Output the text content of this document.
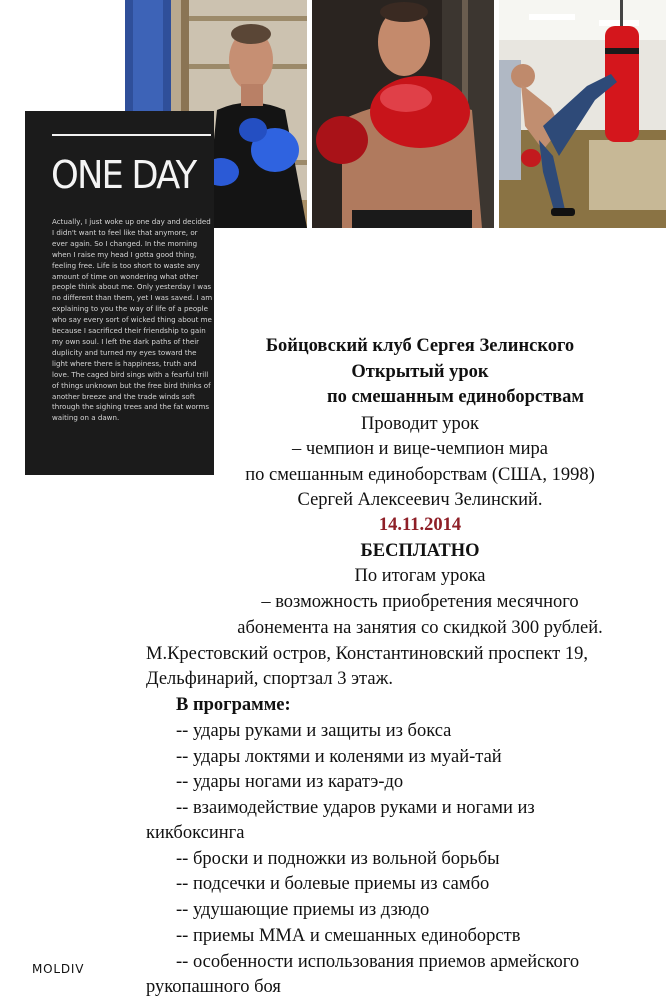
ONE DAY
Actually, I just woke up one day and decided I didn't want to feel like that anymore, or ever again. So I changed. In the morning when I raise my head I gotta good thing, feeling free. Life is too short to waste any amount of time on wondering what other people think about me. Only yesterday I was no different than them, yet I was saved. I am explaining to you the way of life of a people who say every sort of wicked thing about me because I sacrificed their friendship to gain my own soul. I left the dark paths of their duplicity and turned my eyes toward the light where there is happiness, truth and love. The caged bird sings with a fearful trill of things unknown but the free bird thinks of another breeze and the trade winds soft through the sighing trees and the fat worms waiting on a dawn.
Бойцовский клуб Сергея Зелинского
Открытый урок
по смешанным единоборствам
Проводит урок
– чемпион и вице-чемпион мира
по смешанным единоборствам (США, 1998)
Сергей Алексеевич Зелинский.
14.11.2014
БЕСПЛАТНО
По итогам урока
– возможность приобретения месячного
абонемента на занятия со скидкой 300 рублей.
М.Крестовский остров, Константиновский проспект 19,
Дельфинарий, спортзал 3 этаж.
В программе:
-- удары руками и защиты из бокса
-- удары локтями и коленями из муай-тай
-- удары ногами из каратэ-до
-- взаимодействие ударов руками и ногами из
кикбоксинга
-- броски и подножки из вольной борьбы
-- подсечки и болевые приемы из самбо
-- удушающие приемы из дзюдо
-- приемы ММА и смешанных единоборств
-- особенности использования приемов армейского
рукопашного боя
MOLDIV
